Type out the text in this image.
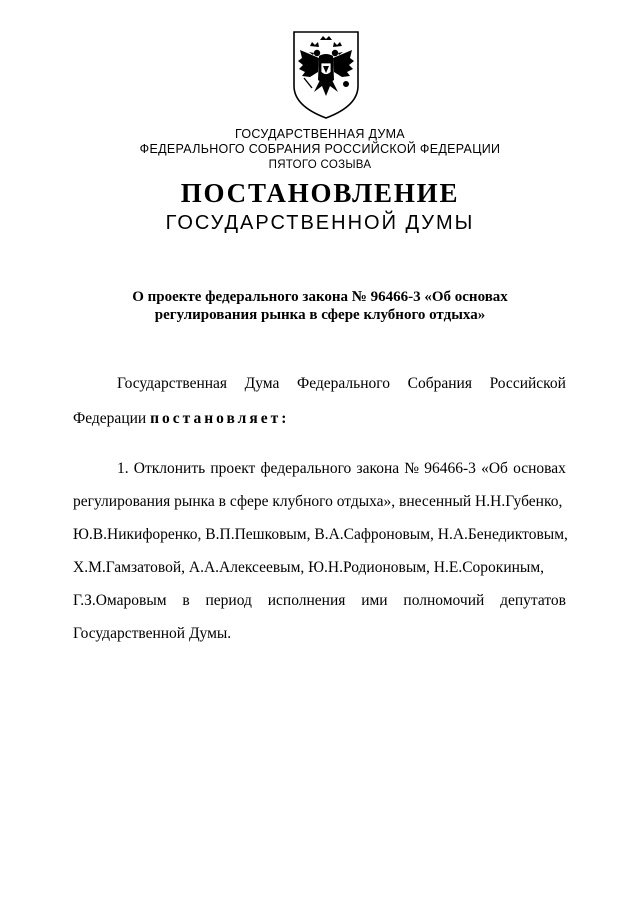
ГОСУДАРСТВЕННАЯ ДУМА
ФЕДЕРАЛЬНОГО СОБРАНИЯ РОССИЙСКОЙ ФЕДЕРАЦИИ
ПЯТОГО СОЗЫВА
ПОСТАНОВЛЕНИЕ
ГОСУДАРСТВЕННОЙ ДУМЫ
О проекте федерального закона № 96466-3 «Об основах
регулирования рынка в сфере клубного отдыха»
Государственная Дума Федерального Собрания Российской
Федерации постановляет:
1. Отклонить проект федерального закона № 96466-3 «Об основах
регулирования рынка в сфере клубного отдыха», внесенный Н.Н.Губенко,
Ю.В.Никифоренко, В.П.Пешковым, В.А.Сафроновым, Н.А.Бенедиктовым,
Х.М.Гамзатовой, А.А.Алексеевым, Ю.Н.Родионовым, Н.Е.Сорокиным,
Г.З.Омаровым в период исполнения ими полномочий депутатов
Государственной Думы.
